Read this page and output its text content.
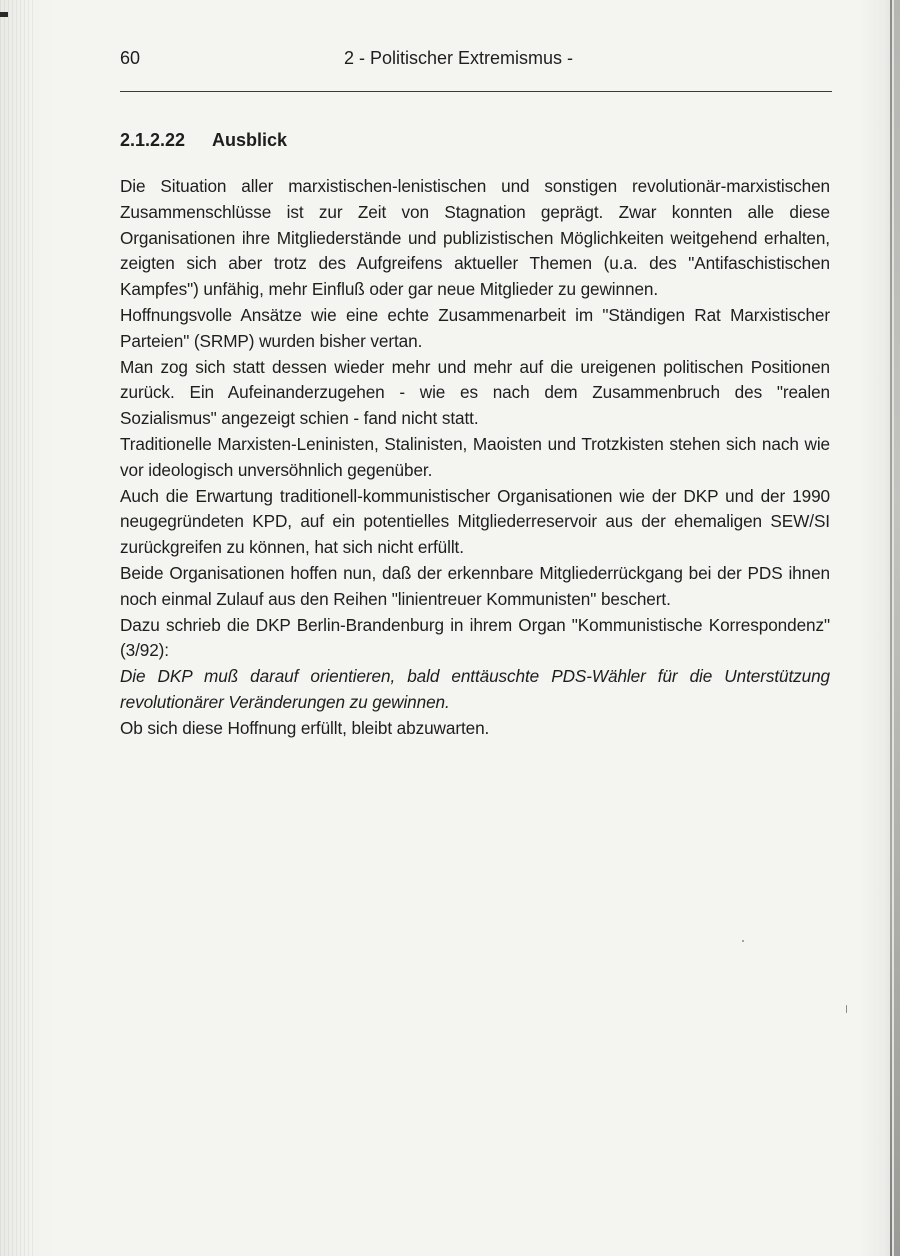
60	2 - Politischer Extremismus -
2.1.2.22 Ausblick

Die Situation aller marxistischen-lenistischen und sonstigen revolutionär-marxistischen Zusammenschlüsse ist zur Zeit von Stagnation geprägt. Zwar konnten alle diese Organisationen ihre Mitgliederstände und publizistischen Möglichkeiten weitgehend erhalten, zeigten sich aber trotz des Aufgreifens aktueller Themen (u.a. des "Antifaschistischen Kampfes") unfähig, mehr Einfluß oder gar neue Mitglieder zu gewinnen.

Hoffnungsvolle Ansätze wie eine echte Zusammenarbeit im "Ständigen Rat Marxistischer Parteien" (SRMP) wurden bisher vertan.

Man zog sich statt dessen wieder mehr und mehr auf die ureigenen politischen Positionen zurück. Ein Aufeinanderzugehen - wie es nach dem Zusammenbruch des "realen Sozialismus" angezeigt schien - fand nicht statt.

Traditionelle Marxisten-Leninisten, Stalinisten, Maoisten und Trotzkisten stehen sich nach wie vor ideologisch unversöhnlich gegenüber.

Auch die Erwartung traditionell-kommunistischer Organisationen wie der DKP und der 1990 neugegründeten KPD, auf ein potentielles Mitgliederreservoir aus der ehemaligen SEW/SI zurückgreifen zu können, hat sich nicht erfüllt.

Beide Organisationen hoffen nun, daß der erkennbare Mitgliederrückgang bei der PDS ihnen noch einmal Zulauf aus den Reihen "linientreuer Kommunisten" beschert.

Dazu schrieb die DKP Berlin-Brandenburg in ihrem Organ "Kommunistische Korrespondenz" (3/92):

Die DKP muß darauf orientieren, bald enttäuschte PDS-Wähler für die Unterstützung revolutionärer Veränderungen zu gewinnen.

Ob sich diese Hoffnung erfüllt, bleibt abzuwarten.
